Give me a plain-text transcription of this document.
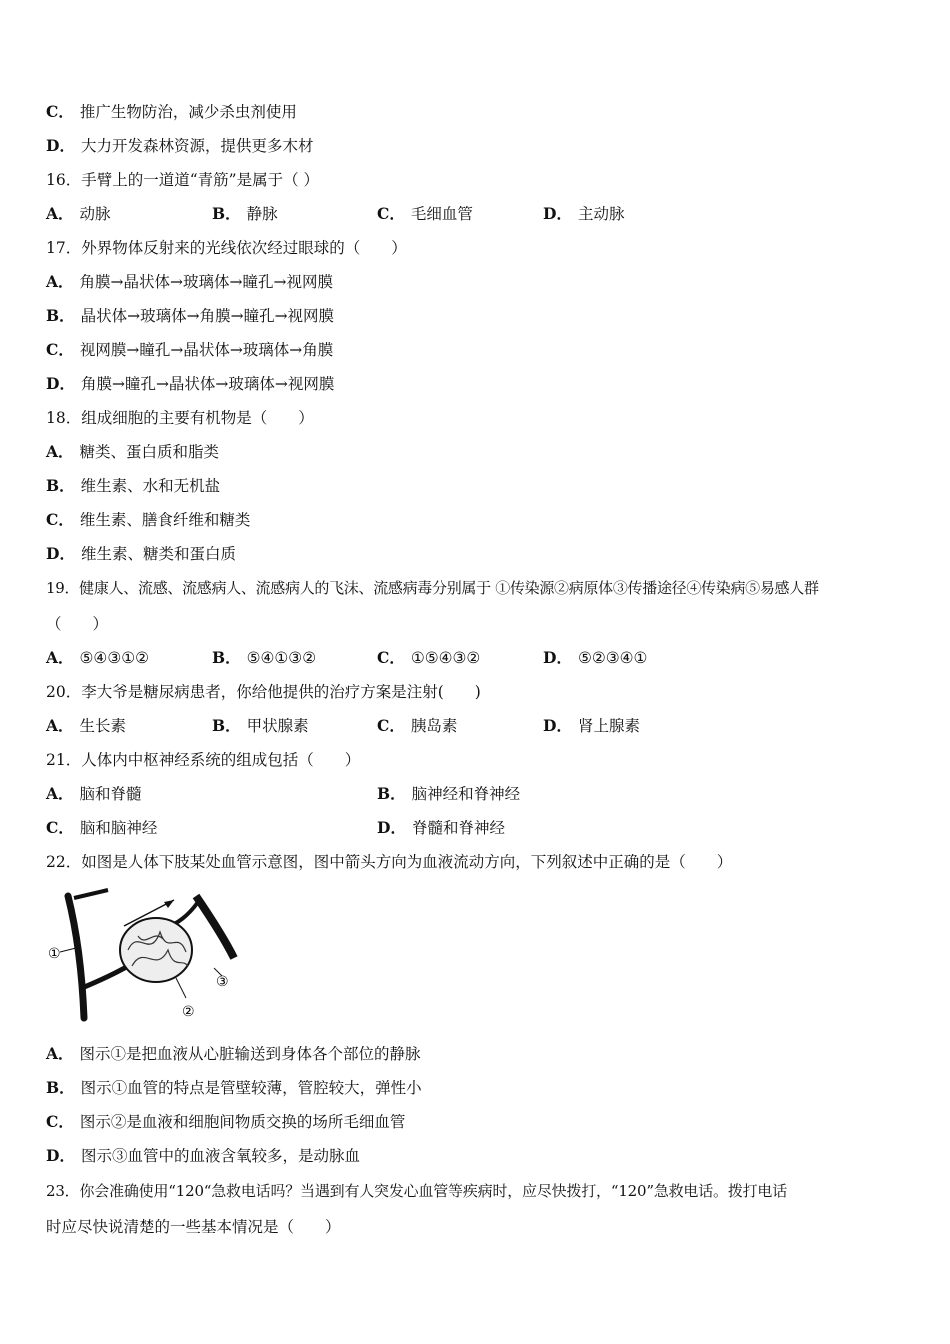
C． 推广生物防治，减少杀虫剂使用
D． 大力开发森林资源，提供更多木材
16．手臂上的一道道“青筋”是属于（ ）
A． 动脉	B． 静脉	C． 毛细血管	D． 主动脉
17．外界物体反射来的光线依次经过眼球的（　　）
A． 角膜→晶状体→玻璃体→瞳孔→视网膜
B． 晶状体→玻璃体→角膜→瞳孔→视网膜
C． 视网膜→瞳孔→晶状体→玻璃体→角膜
D． 角膜→瞳孔→晶状体→玻璃体→视网膜
18．组成细胞的主要有机物是（　　）
A． 糖类、蛋白质和脂类
B． 维生素、水和无机盐
C． 维生素、膳食纤维和糖类
D． 维生素、糖类和蛋白质
19．健康人、流感、流感病人、流感病人的飞沫、流感病毒分别属于 ①传染源②病原体③传播途径④传染病⑤易感人群
（　　）
A． ⑤④③①②	B． ⑤④①③②	C． ①⑤④③②	D． ⑤②③④①
20．李大爷是糖尿病患者，你给他提供的治疗方案是注射(　　)
A． 生长素	B． 甲状腺素	C． 胰岛素	D． 肾上腺素
21．人体内中枢神经系统的组成包括（　　）
A． 脑和脊髓	B． 脑神经和脊神经
C． 脑和脑神经	D． 脊髓和脊神经
22．如图是人体下肢某处血管示意图，图中箭头方向为血液流动方向，下列叙述中正确的是（　　）
①
②
③
A． 图示①是把血液从心脏输送到身体各个部位的静脉
B． 图示①血管的特点是管壁较薄，管腔较大，弹性小
C． 图示②是血液和细胞间物质交换的场所毛细血管
D． 图示③血管中的血液含氧较多，是动脉血
23．你会准确使用“120“急救电话吗？当遇到有人突发心血管等疾病时，应尽快拨打，“120”急救电话。拨打电话
时应尽快说清楚的一些基本情况是（　　）
